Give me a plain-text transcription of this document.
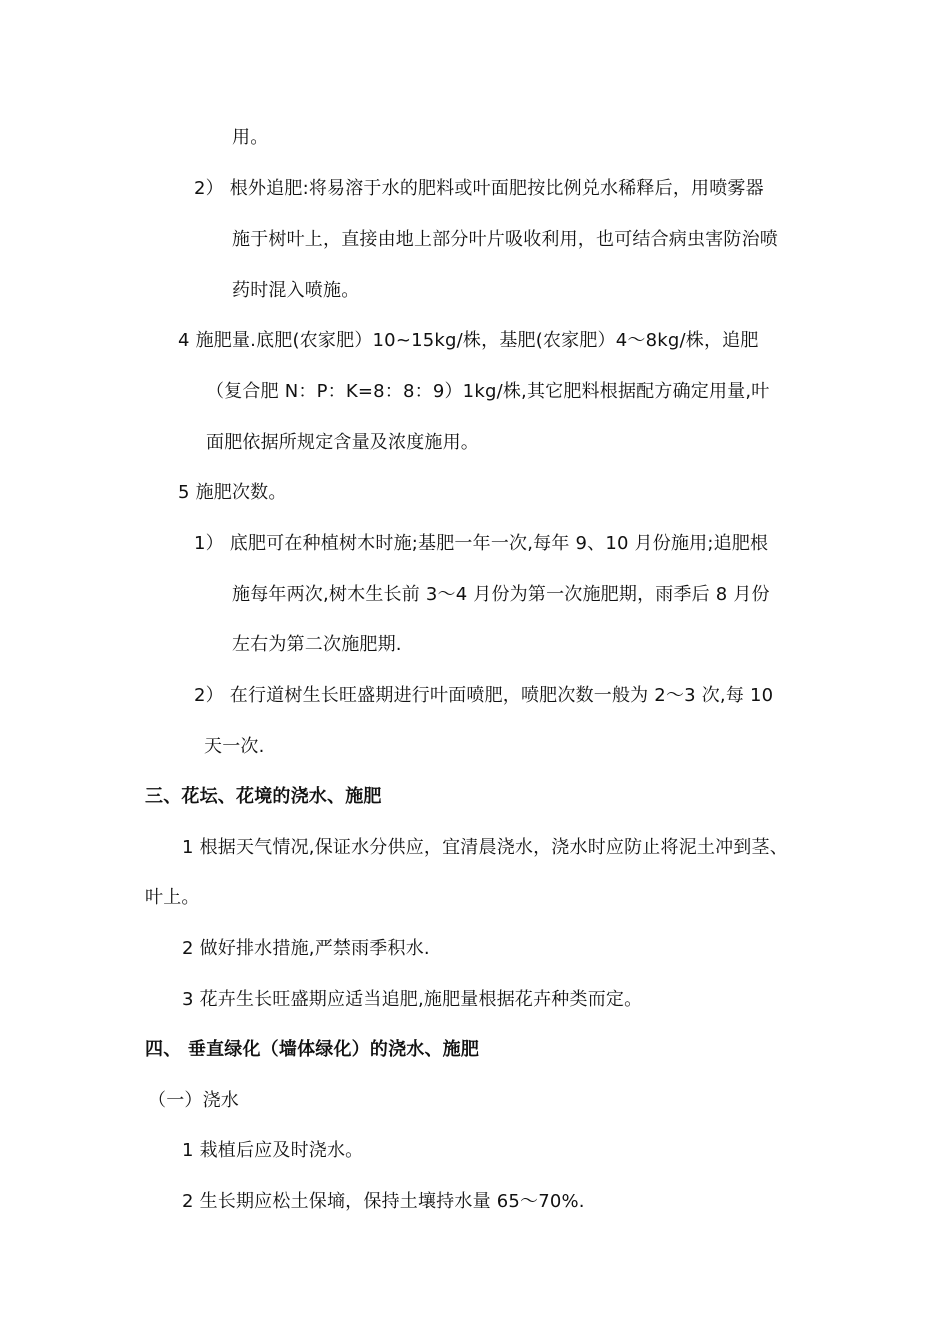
用。
2） 根外追肥:将易溶于水的肥料或叶面肥按比例兑水稀释后，用喷雾器
施于树叶上，直接由地上部分叶片吸收利用，也可结合病虫害防治喷
药时混入喷施。
4 施肥量.底肥(农家肥）10~15kg/株，基肥(农家肥）4～8kg/株，追肥
（复合肥 N：P：K=8：8：9）1kg/株,其它肥料根据配方确定用量,叶
面肥依据所规定含量及浓度施用。
5 施肥次数。
1） 底肥可在种植树木时施;基肥一年一次,每年 9、10 月份施用;追肥根
施每年两次,树木生长前 3～4 月份为第一次施肥期，雨季后 8 月份
左右为第二次施肥期.
2） 在行道树生长旺盛期进行叶面喷肥，喷肥次数一般为 2～3 次,每 10
天一次.
三、花坛、花境的浇水、施肥
1 根据天气情况,保证水分供应，宜清晨浇水，浇水时应防止将泥土冲到茎、
叶上。
2 做好排水措施,严禁雨季积水.
3 花卉生长旺盛期应适当追肥,施肥量根据花卉种类而定。
四、 垂直绿化（墙体绿化）的浇水、施肥
（一）浇水
1 栽植后应及时浇水。
2 生长期应松土保墒，保持土壤持水量 65～70%.
